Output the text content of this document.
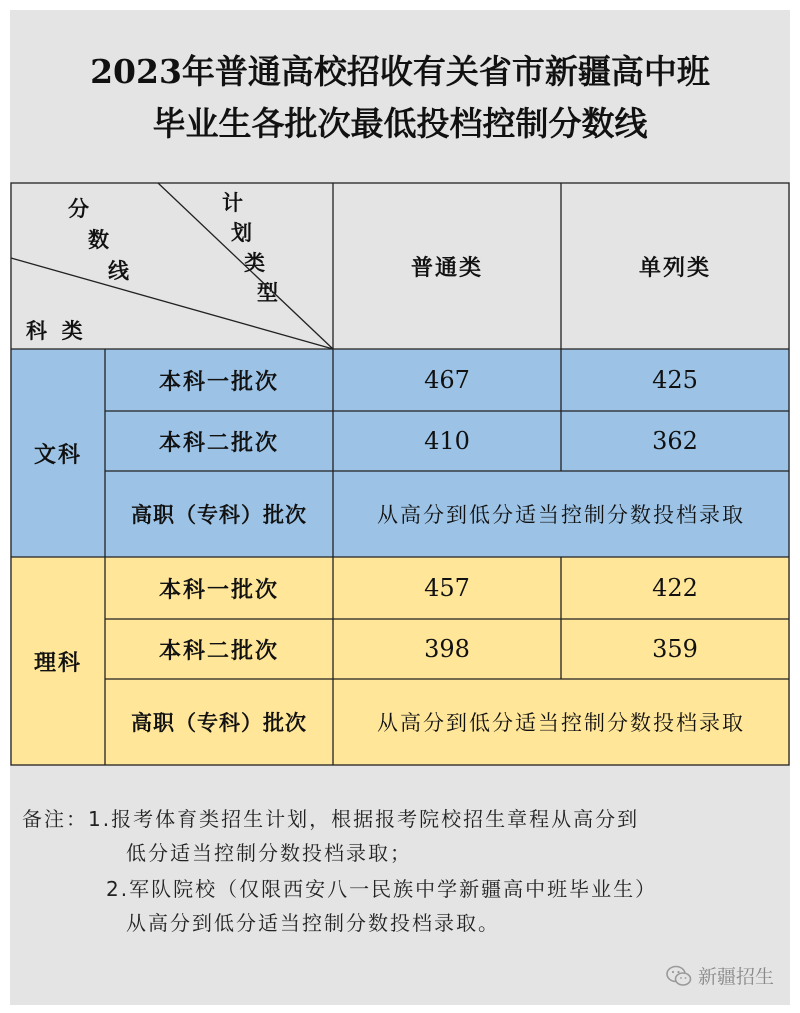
2023年普通高校招收有关省市新疆高中班
毕业生各批次最低投档控制分数线
分
数
线
计
划
类
型
科  类
普通类	单列类
文科
本科一批次	467	425
本科二批次	410	362
高职（专科）批次	从高分到低分适当控制分数投档录取
理科
本科一批次	457	422
本科二批次	398	359
高职（专科）批次	从高分到低分适当控制分数投档录取
备注：1.报考体育类招生计划，根据报考院校招生章程从高分到
低分适当控制分数投档录取；
2.军队院校（仅限西安八一民族中学新疆高中班毕业生）
从高分到低分适当控制分数投档录取。
新疆招生
